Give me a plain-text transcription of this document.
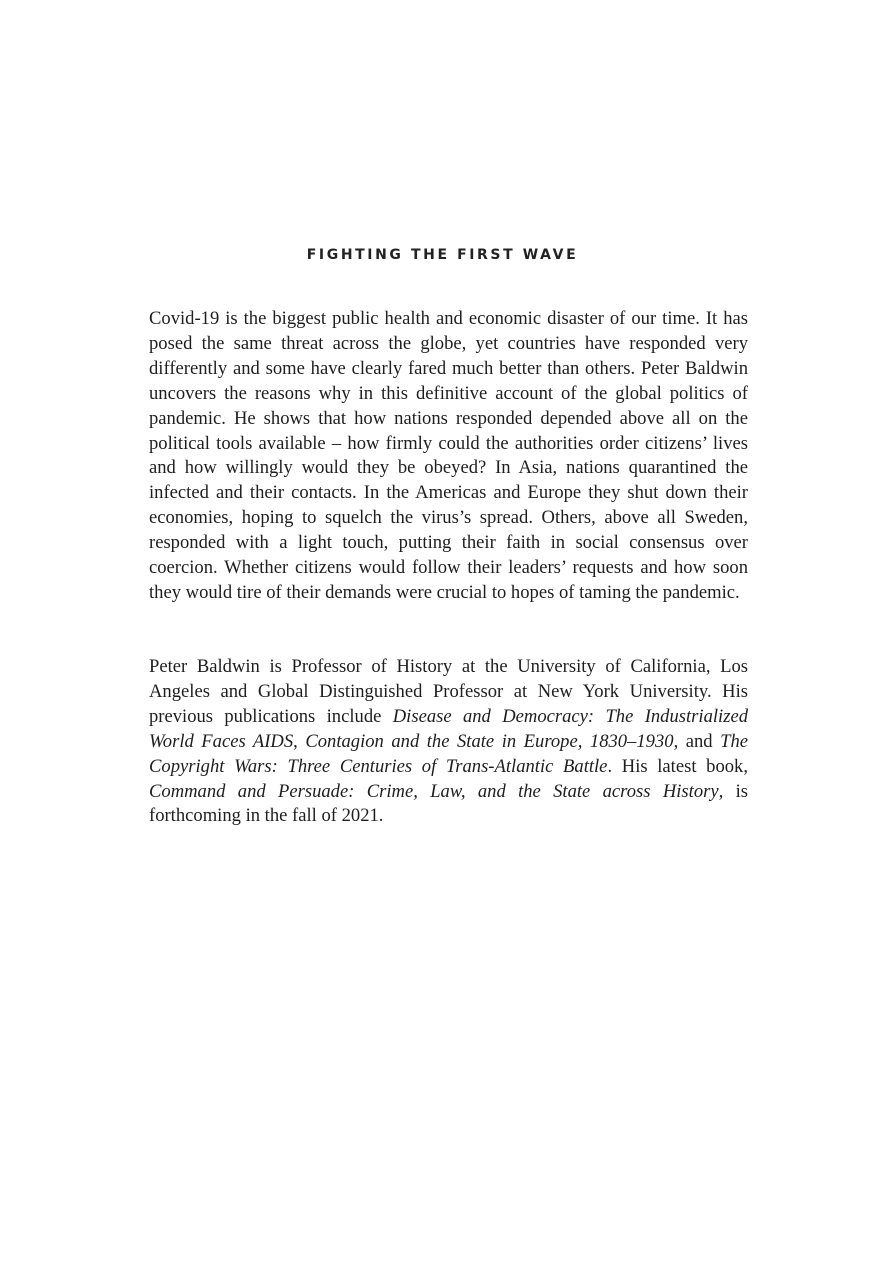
FIGHTING THE FIRST WAVE

Covid-19 is the biggest public health and economic disaster of our time. It has posed the same threat across the globe, yet countries have responded very differently and some have clearly fared much better than others. Peter Baldwin uncovers the reasons why in this definitive account of the global politics of pandemic. He shows that how nations responded depended above all on the political tools available – how firmly could the authorities order citizens’ lives and how willingly would they be obeyed? In Asia, nations quarantined the infected and their contacts. In the Americas and Europe they shut down their economies, hoping to squelch the virus’s spread. Others, above all Sweden, responded with a light touch, putting their faith in social consensus over coercion. Whether citizens would follow their leaders’ requests and how soon they would tire of their demands were crucial to hopes of taming the pandemic.

Peter Baldwin is Professor of History at the University of California, Los Angeles and Global Distinguished Professor at New York University. His previous publications include Disease and Democracy: The Industrialized World Faces AIDS, Contagion and the State in Europe, 1830–1930, and The Copyright Wars: Three Centuries of Trans-Atlantic Battle. His latest book, Command and Persuade: Crime, Law, and the State across History, is forthcoming in the fall of 2021.
